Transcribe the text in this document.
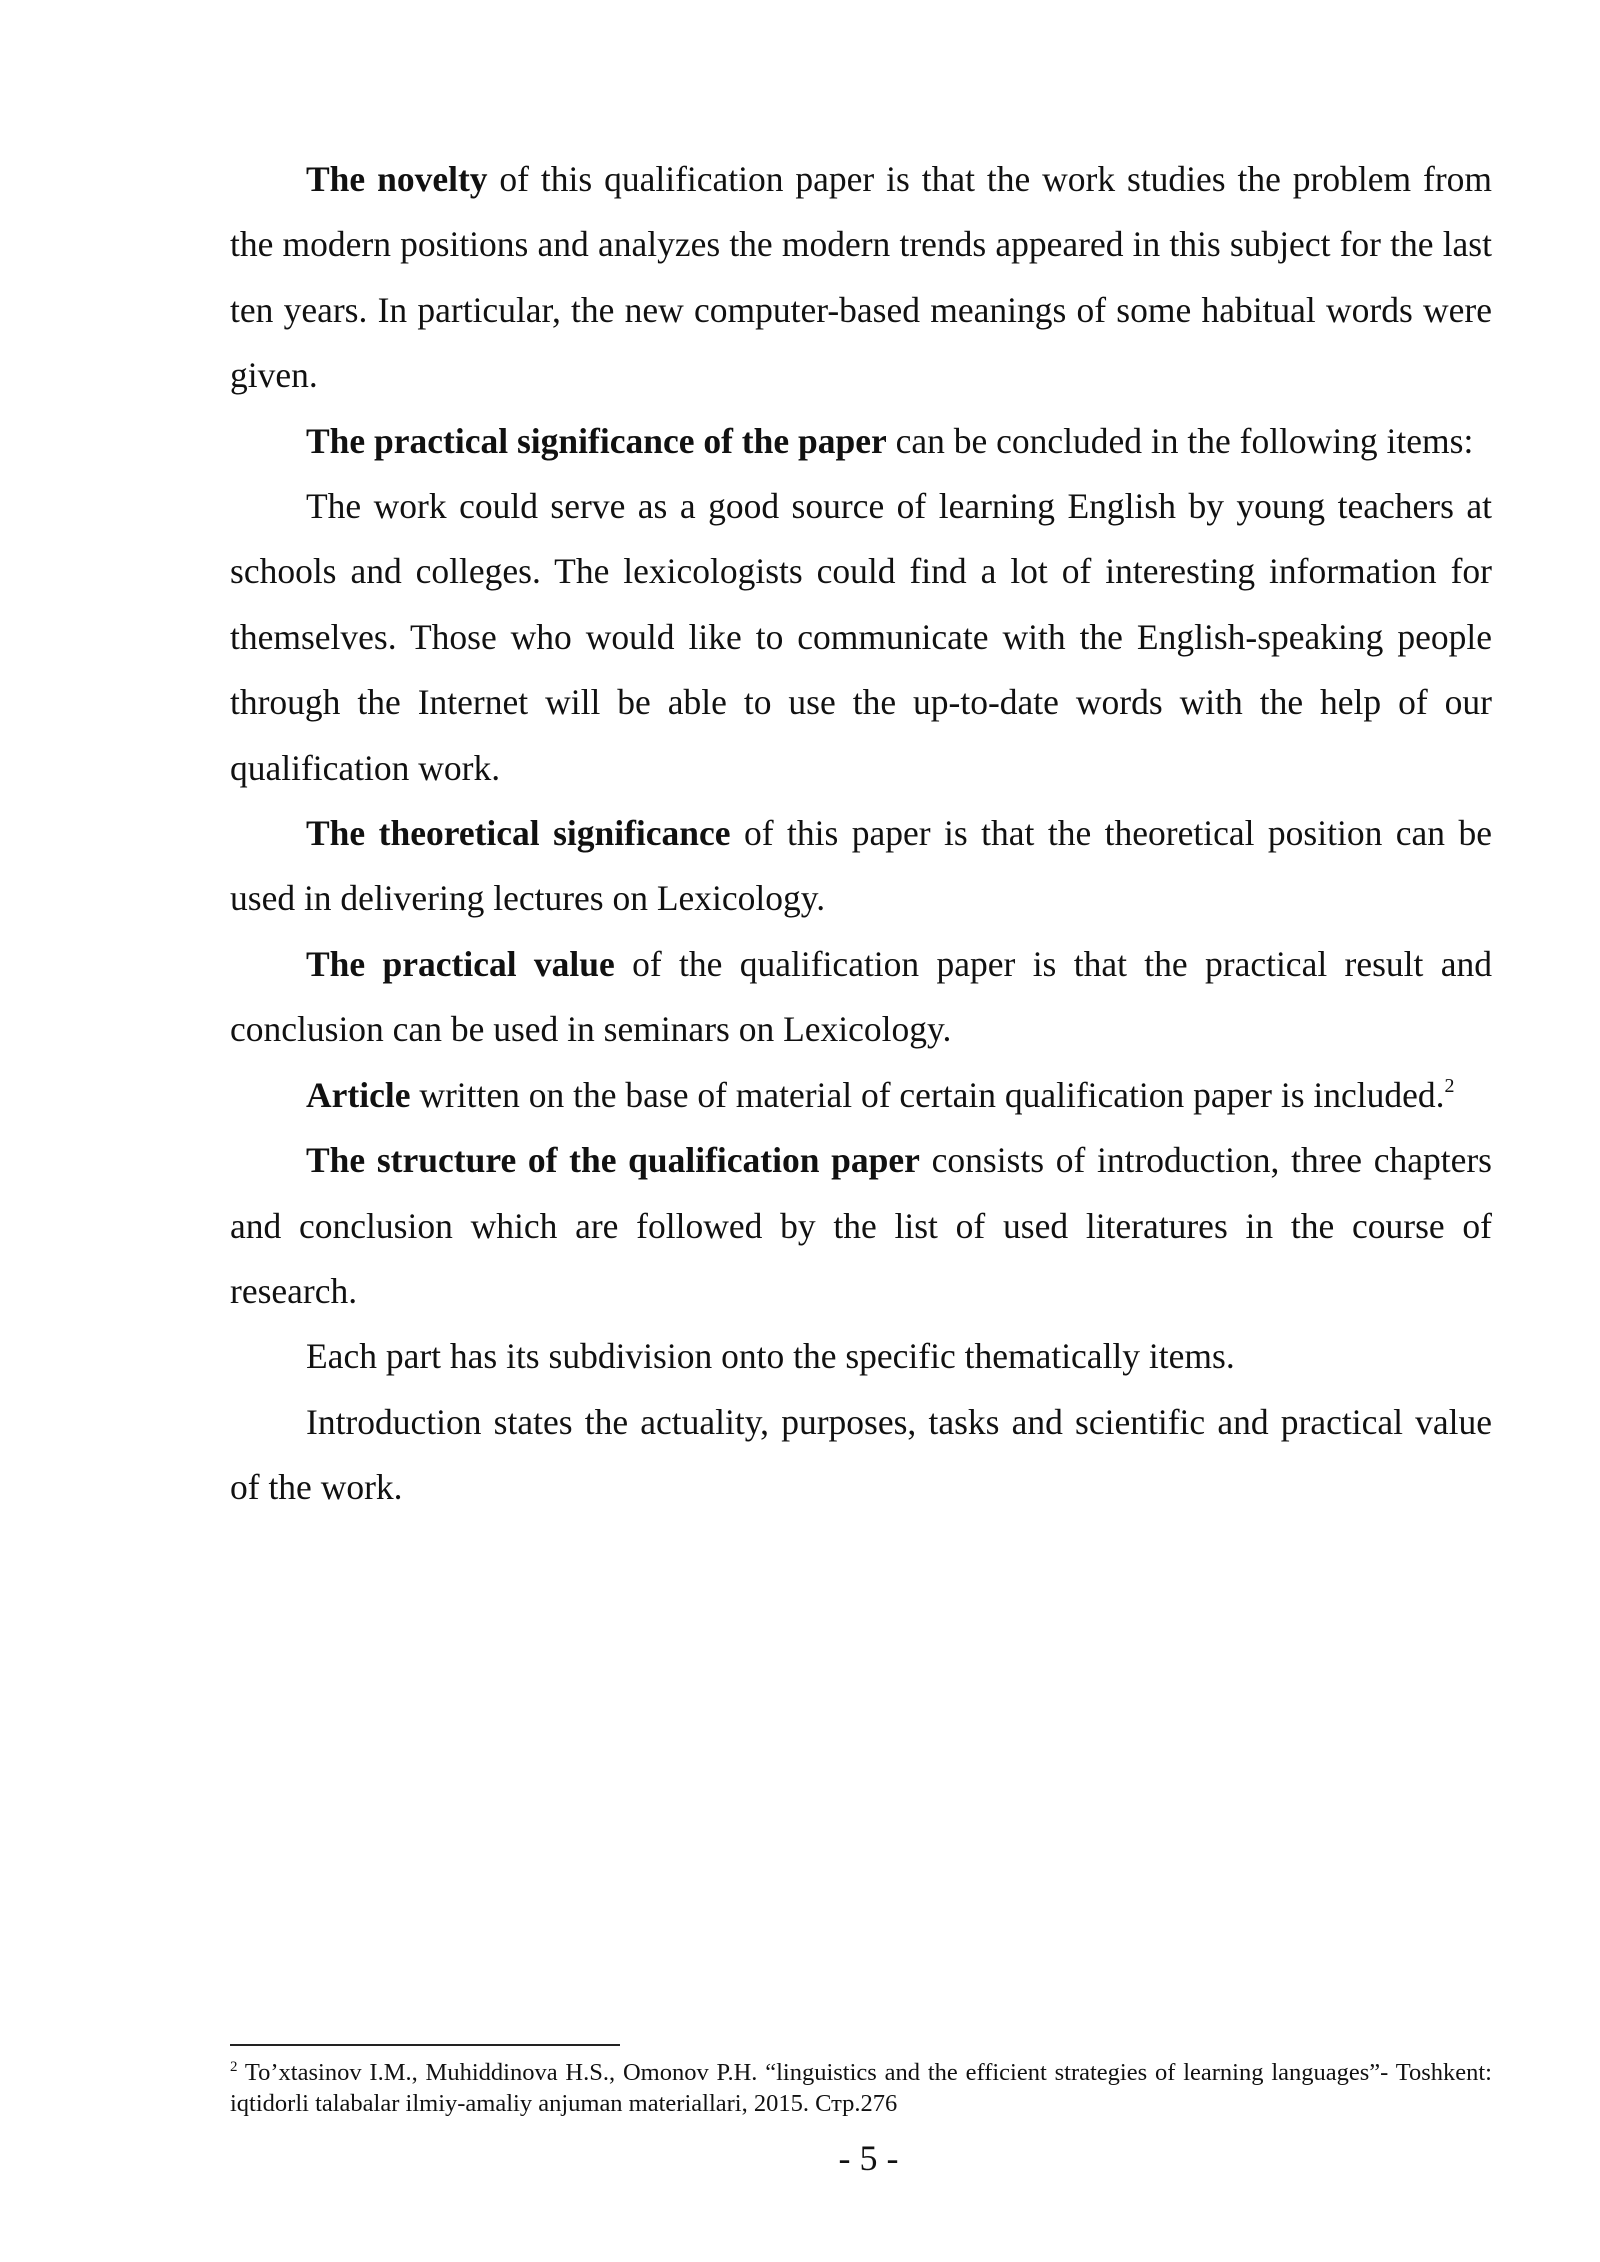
The novelty of this qualification paper is that the work studies the problem from the modern positions and analyzes the modern trends appeared in this subject for the last ten years. In particular, the new computer-based meanings of some habitual words were given.

The practical significance of the paper can be concluded in the following items:

The work could serve as a good source of learning English by young teachers at schools and colleges. The lexicologists could find a lot of interesting information for themselves. Those who would like to communicate with the English-speaking people through the Internet will be able to use the up-to-date words with the help of our qualification work.

The theoretical significance of this paper is that the theoretical position can be used in delivering lectures on Lexicology.

The practical value of the qualification paper is that the practical result and conclusion can be used in seminars on Lexicology.

Article written on the base of material of certain qualification paper is included.$^2$

The structure of the qualification paper consists of introduction, three chapters and conclusion which are followed by the list of used literatures in the course of research.

Each part has its subdivision onto the specific thematically items.

Introduction states the actuality, purposes, tasks and scientific and practical value of the work.

$^2$ To’xtasinov I.M., Muhiddinova H.S., Omonov P.H. “linguistics and the efficient strategies of learning languages”- Toshkent: iqtidorli talabalar ilmiy-amaliy anjuman materiallari, 2015. Стр.276
- 5 -
